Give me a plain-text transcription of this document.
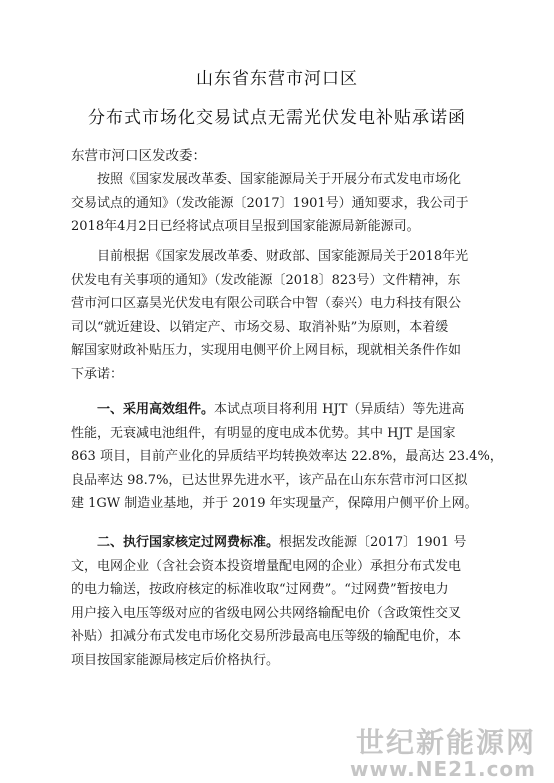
山东省东营市河口区
分布式市场化交易试点无需光伏发电补贴承诺函
东营市河口区发改委：
按照《国家发展改革委、国家能源局关于开展分布式发电市场化
交易试点的通知》（发改能源〔2017〕1901号）通知要求，我公司于
2018年4月2日已经将试点项目呈报到国家能源局新能源司。
目前根据《国家发展改革委、财政部、国家能源局关于2018年光
伏发电有关事项的通知》（发改能源〔2018〕823号）文件精神，东
营市河口区嘉昊光伏发电有限公司联合中智（泰兴）电力科技有限公
司以“就近建设、以销定产、市场交易、取消补贴”为原则，本着缓
解国家财政补贴压力，实现用电侧平价上网目标，现就相关条件作如
下承诺：
一、采用高效组件。本试点项目将利用 HJT（异质结）等先进高
性能，无衰减电池组件，有明显的度电成本优势。其中 HJT 是国家
863 项目，目前产业化的异质结平均转换效率达 22.8%，最高达 23.4%，
良品率达 98.7%，已达世界先进水平，该产品在山东东营市河口区拟
建 1GW 制造业基地，并于 2019 年实现量产，保障用户侧平价上网。
二、执行国家核定过网费标准。根据发改能源〔2017〕1901 号
文，电网企业（含社会资本投资增量配电网的企业）承担分布式发电
的电力输送，按政府核定的标准收取“过网费”。“过网费”暂按电力
用户接入电压等级对应的省级电网公共网络输配电价（含政策性交叉
补贴）扣减分布式发电市场化交易所涉最高电压等级的输配电价，本
项目按国家能源局核定后价格执行。
世纪新能源网
www.NE21.com
